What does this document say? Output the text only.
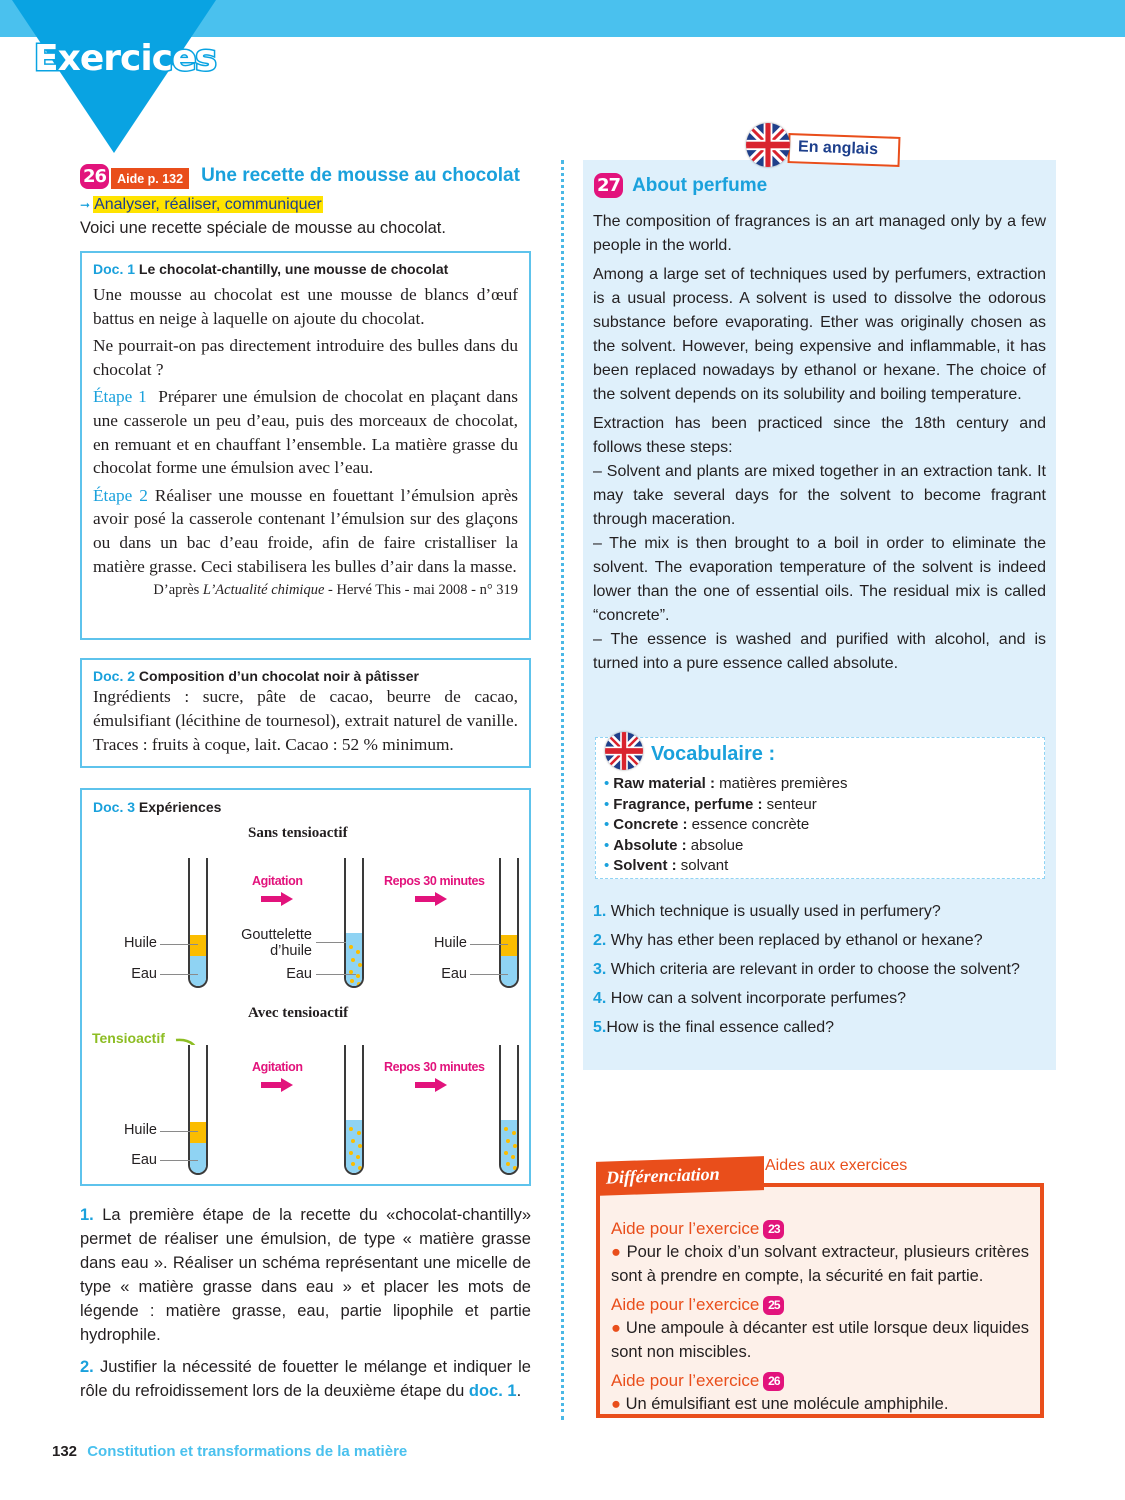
Exercices
26 Aide p. 132 Une recette de mousse au chocolat
➞ Analyser, réaliser, communiquer
Voici une recette spéciale de mousse au chocolat.
Doc. 1 Le chocolat-chantilly, une mousse de chocolat

Une mousse au chocolat est une mousse de blancs d’œuf battus en neige à laquelle on ajoute du chocolat.

Ne pourrait-on pas directement introduire des bulles dans du chocolat ?

Étape 1 Préparer une émulsion de chocolat en plaçant dans une casserole un peu d’eau, puis des morceaux de chocolat, en remuant et en chauffant l’ensemble. La matière grasse du chocolat forme une émulsion avec l’eau.

Étape 2 Réaliser une mousse en fouettant l’émulsion après avoir posé la casserole contenant l’émulsion sur des glaçons ou dans un bac d’eau froide, afin de faire cristalliser la matière grasse. Ceci stabilisera les bulles d’air dans la masse.

D’après L’Actualité chimique - Hervé This - mai 2008 - n° 319
Doc. 2 Composition d’un chocolat noir à pâtisser
Ingrédients : sucre, pâte de cacao, beurre de cacao, émulsifiant (lécithine de tournesol), extrait naturel de vanille. Traces : fruits à coque, lait. Cacao : 52 % minimum.
Doc. 3 Expériences
Sans tensioactif
Huile
Eau
Agitation
Gouttelette
d’huile
Eau
Repos 30 minutes
Huile
Eau
Avec tensioactif
Tensioactif
Huile
Eau
Agitation	Repos 30 minutes

1. La première étape de la recette du «chocolat-chantilly» permet de réaliser une émulsion, de type « matière grasse dans eau ». Réaliser un schéma représentant une micelle de type « matière grasse dans eau » et placer les mots de légende : matière grasse, eau, partie lipophile et partie hydrophile.

2. Justifier la nécessité de fouetter le mélange et indiquer le rôle du refroidissement lors de la deuxième étape du doc. 1.

132 Constitution et transformations de la matière
En anglais
27 About perfume

The composition of fragrances is an art managed only by a few people in the world.

Among a large set of techniques used by perfumers, extraction is a usual process. A solvent is used to dissolve the odorous substance before evaporating. Ether was originally chosen as the solvent. However, being expensive and inflammable, it has been replaced nowadays by ethanol or hexane. The choice of the solvent depends on its solubility and boiling temperature.

Extraction has been practiced since the 18th century and follows these steps:

– Solvent and plants are mixed together in an extraction tank. It may take several days for the solvent to become fragrant through maceration.

– The mix is then brought to a boil in order to eliminate the solvent. The evaporation temperature of the solvent is indeed lower than the one of essential oils. The residual mix is called “concrete”.

– The essence is washed and purified with alcohol, and is turned into a pure essence called absolute.

Vocabulaire :
• Raw material : matières premières
• Fragrance, perfume : senteur
• Concrete : essence concrète
• Absolute : absolue
• Solvent : solvant

1. Which technique is usually used in perfumery?

2. Why has ether been replaced by ethanol or hexane?

3. Which criteria are relevant in order to choose the solvent?

4. How can a solvent incorporate perfumes?

5.How is the final essence called?

Aide pour l’exercice 23
● Pour le choix d’un solvant extracteur, plusieurs critères sont à prendre en compte, la sécurité en fait partie.
Aide pour l’exercice 25
● Une ampoule à décanter est utile lorsque deux liquides sont non miscibles.
Aide pour l’exercice 26
● Un émulsifiant est une molécule amphiphile.
Différenciation	Aides aux exercices
